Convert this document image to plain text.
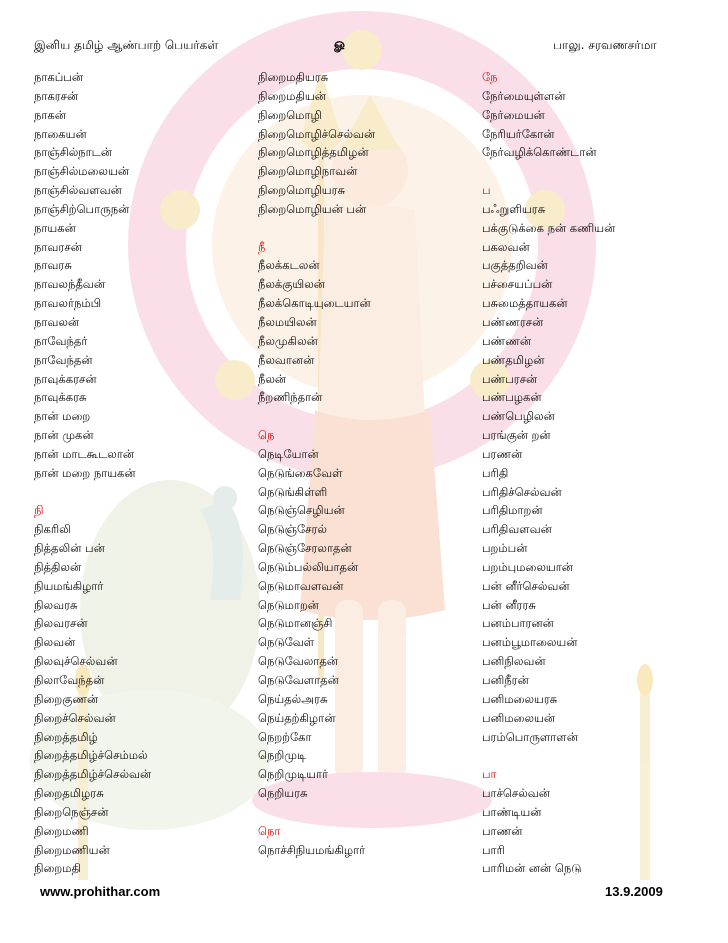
இனிய தமிழ் ஆண்பாற் பெயர்கள்	ௐ	பாலு. சரவணசர்மா
நாகப்பன்
நாகரசன்
நாகன்
நாகையன்
நாஞ்சில்நாடன்
நாஞ்சில்மலையன்
நாஞ்சில்வளவன்
நாஞ்சிற்பொருநன்
நாயகன்
நாவரசன்
நாவரசு
நாவலந்தீவன்
நாவலர்நம்பி
நாவலன்
நாவேந்தர்
நாவேந்தன்
நாவுக்கரசன்
நாவுக்கரசு
நான் மறை
நான் முகன்
நான் மாடகூடலான்
நான் மறை நாயகன்
நி
நிகரிலி
நித்தலின் பன்
நித்திலன்
நியமங்கிழார்
நிலவரசு
நிலவரசன்
நிலவன்
நிலவுச்செல்வன்
நிலாவேந்தன்
நிறைகுணன்
நிறைச்செல்வன்
நிறைத்தமிழ்
நிறைத்தமிழ்ச்செம்மல்
நிறைத்தமிழ்ச்செல்வன்
நிறைதமிழரசு
நிறைநெஞ்சன்
நிறைமணி
நிறைமணியன்
நிறைமதி
நிறைமதியரசு
நிறைமதியன்
நிறைமொழி
நிறைமொழிச்செல்வன்
நிறைமொழித்தமிழன்
நிறைமொழிநாவன்
நிறைமொழியரசு
நிறைமொழியன் பன்
நீ
நீலக்கடலன்
நீலக்குயிலன்
நீலக்கொடியுடையான்
நீலமயிலன்
நீலமுகிலன்
நீலவானன்
நீலன்
நீறணிந்தான்
நெ
நெடியோன்
நெடுங்கைவேள்
நெடுங்கிள்ளி
நெடுஞ்செழியன்
நெடுஞ்சேரல்
நெடுஞ்சேரலாதன்
நெடும்பல்லியாதன்
நெடுமாவளவன்
நெடுமாறன்
நெடுமானஞ்சி
நெடுவேள்
நெடுவேலாதன்
நெடுவேளாதன்
நெய்தல்அரசு
நெய்தற்கிழான்
நெறற்கோ
நெறிமுடி
நெறிமுடியார்
நெறியரசு
நொ
நொச்சிநியமங்கிழார்
நே
நேர்மையுள்ளன்
நேர்மையன்
நேரியர்கோன்
நேர்வழிக்கொண்டான்
ப
பஃறுளியரசு
பக்குடுக்கை நன் கணியன்
பகலவன்
பகுத்தறிவன்
பச்சையப்பன்
பசுமைத்தாயகன்
பண்ணரசன்
பண்ணன்
பண்தமிழன்
பண்பரசன்
பண்பழகன்
பண்பெழிலன்
பரங்குன் றன்
பரணன்
பரிதி
பரிதிச்செல்வன்
பரிதிமாறன்
பரிதிவளவன்
பறம்பன்
பறம்புமலையான்
பன் னீர்செல்வன்
பன் னீரரசு
பனம்பாரனன்
பனம்பூமாலையன்
பனிநிலவன்
பனிநீரன்
பனிமலையரசு
பனிமலையன்
பரம்பொருளாளன்
பா
பாச்செல்வன்
பாண்டியன்
பாணன்
பாரி
பாரிமன் னன் நெடு
www.prohithar.com	13.9.2009
